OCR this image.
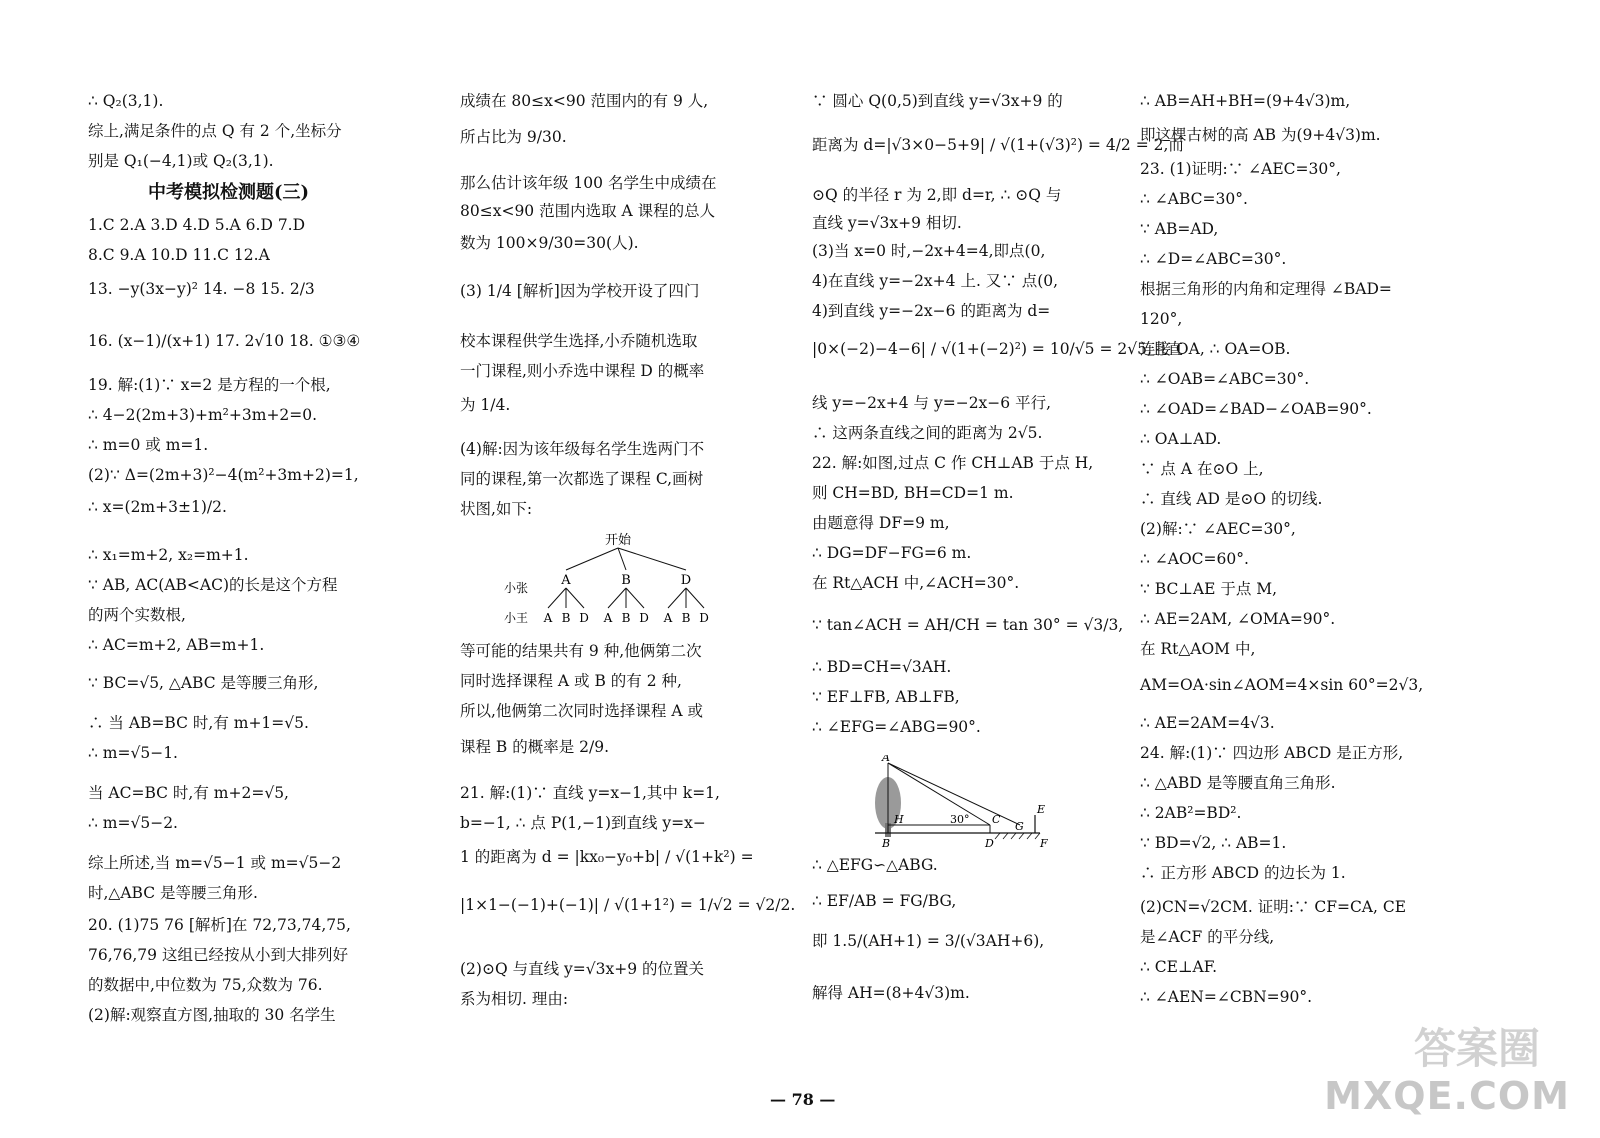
∴ Q₂(3,1).
综上,满足条件的点 Q 有 2 个,坐标分
别是 Q₁(−4,1)或 Q₂(3,1).
中考模拟检测题(三)
1.C 2.A 3.D 4.D 5.A 6.D 7.D
8.C 9.A 10.D 11.C 12.A
13. −y(3x−y)² 14. −8 15. 2/3
16. (x−1)/(x+1) 17. 2√10 18. ①③④
19. 解:(1)∵ x=2 是方程的一个根,
∴ 4−2(2m+3)+m²+3m+2=0.
∴ m=0 或 m=1.
(2)∵ Δ=(2m+3)²−4(m²+3m+2)=1,
∴ x=(2m+3±1)/2.
∴ x₁=m+2, x₂=m+1.
∵ AB, AC(AB<AC)的长是这个方程
的两个实数根,
∴ AC=m+2, AB=m+1.
∵ BC=√5, △ABC 是等腰三角形,
∴ 当 AB=BC 时,有 m+1=√5.
∴ m=√5−1.
当 AC=BC 时,有 m+2=√5,
∴ m=√5−2.
综上所述,当 m=√5−1 或 m=√5−2
时,△ABC 是等腰三角形.
20. (1)75 76 [解析]在 72,73,74,75,
76,76,79 这组已经按从小到大排列好
的数据中,中位数为 75,众数为 76.
(2)解:观察直方图,抽取的 30 名学生
成绩在 80≤x<90 范围内的有 9 人,
所占比为 9/30.
那么估计该年级 100 名学生中成绩在
80≤x<90 范围内选取 A 课程的总人
数为 100×9/30=30(人).
(3) 1/4 [解析]因为学校开设了四门
校本课程供学生选择,小乔随机选取
一门课程,则小乔选中课程 D 的概率
为 1/4.
(4)解:因为该年级每名学生选两门不
同的课程,第一次都选了课程 C,画树
状图,如下:
等可能的结果共有 9 种,他俩第二次
同时选择课程 A 或 B 的有 2 种,
所以,他俩第二次同时选择课程 A 或
课程 B 的概率是 2/9.
21. 解:(1)∵ 直线 y=x−1,其中 k=1,
b=−1, ∴ 点 P(1,−1)到直线 y=x−
1 的距离为 d = |kx₀−y₀+b| / √(1+k²) =
|1×1−(−1)+(−1)| / √(1+1²) = 1/√2 = √2/2.
(2)⊙Q 与直线 y=√3x+9 的位置关
系为相切. 理由:
∵ 圆心 Q(0,5)到直线 y=√3x+9 的
距离为 d=|√3×0−5+9| / √(1+(√3)²) = 4/2 = 2,而
⊙Q 的半径 r 为 2,即 d=r, ∴ ⊙Q 与
直线 y=√3x+9 相切.
(3)当 x=0 时,−2x+4=4,即点(0,
4)在直线 y=−2x+4 上. 又∵ 点(0,
4)到直线 y=−2x−6 的距离为 d=
|0×(−2)−4−6| / √(1+(−2)²) = 10/√5 = 2√5,且直
线 y=−2x+4 与 y=−2x−6 平行,
∴ 这两条直线之间的距离为 2√5.
22. 解:如图,过点 C 作 CH⊥AB 于点 H,
则 CH=BD, BH=CD=1 m.
由题意得 DF=9 m,
∴ DG=DF−FG=6 m.
在 Rt△ACH 中,∠ACH=30°.
∵ tan∠ACH = AH/CH = tan 30° = √3/3,
∴ BD=CH=√3AH.
∵ EF⊥FB, AB⊥FB,
∴ ∠EFG=∠ABG=90°.
∴ △EFG∽△ABG.
∴ EF/AB = FG/BG,
即 1.5/(AH+1) = 3/(√3AH+6),
解得 AH=(8+4√3)m.
∴ AB=AH+BH=(9+4√3)m,
即这棵古树的高 AB 为(9+4√3)m.
23. (1)证明:∵ ∠AEC=30°,
∴ ∠ABC=30°.
∵ AB=AD,
∴ ∠D=∠ABC=30°.
根据三角形的内角和定理得 ∠BAD=
120°,
连接 OA, ∴ OA=OB.
∴ ∠OAB=∠ABC=30°.
∴ ∠OAD=∠BAD−∠OAB=90°.
∴ OA⊥AD.
∵ 点 A 在⊙O 上,
∴ 直线 AD 是⊙O 的切线.
(2)解:∵ ∠AEC=30°,
∴ ∠AOC=60°.
∵ BC⊥AE 于点 M,
∴ AE=2AM, ∠OMA=90°.
在 Rt△AOM 中,
AM=OA·sin∠AOM=4×sin 60°=2√3,
∴ AE=2AM=4√3.
24. 解:(1)∵ 四边形 ABCD 是正方形,
∴ △ABD 是等腰直角三角形.
∴ 2AB²=BD².
∵ BD=√2, ∴ AB=1.
∴ 正方形 ABCD 的边长为 1.
(2)CN=√2CM. 证明:∵ CF=CA, CE
是∠ACF 的平分线,
∴ CE⊥AF.
∴ ∠AEN=∠CBN=90°.
开始
小张
小王
A	B	D
A B D A B D A B D
A
H
B
C
D
G
E
F
30°
— 78 —
答案圈
MXQE.COM
